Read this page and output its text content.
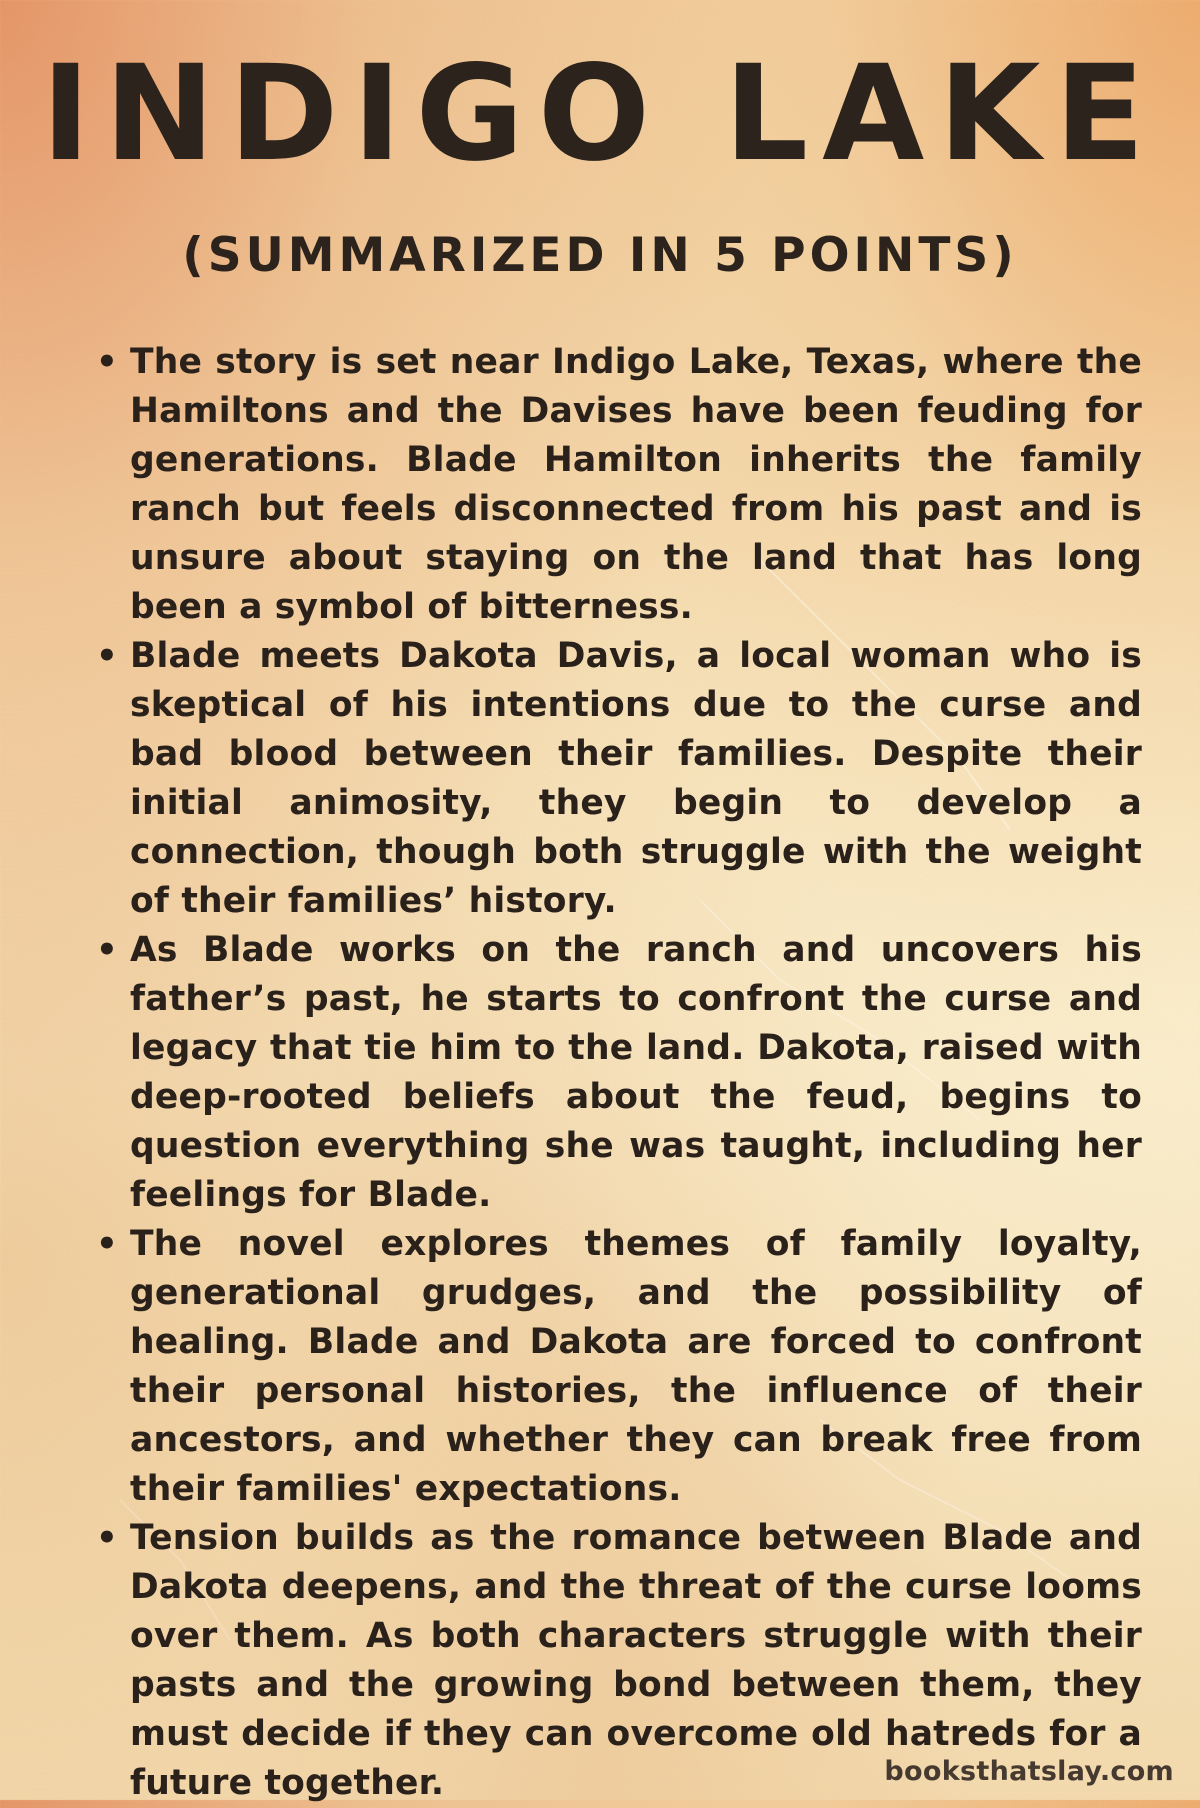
INDIGO LAKE
(SUMMARIZED IN 5 POINTS)
• The story is set near Indigo Lake, Texas, where the Hamiltons and the Davises have been feuding for generations. Blade Hamilton inherits the family ranch but feels disconnected from his past and is unsure about staying on the land that has long been a symbol of bitterness.
• Blade meets Dakota Davis, a local woman who is skeptical of his intentions due to the curse and bad blood between their families. Despite their initial animosity, they begin to develop a connection, though both struggle with the weight of their families’ history.
• As Blade works on the ranch and uncovers his father’s past, he starts to confront the curse and legacy that tie him to the land. Dakota, raised with deep-rooted beliefs about the feud, begins to question everything she was taught, including her feelings for Blade.
• The novel explores themes of family loyalty, generational grudges, and the possibility of healing. Blade and Dakota are forced to confront their personal histories, the influence of their ancestors, and whether they can break free from their families' expectations.
• Tension builds as the romance between Blade and Dakota deepens, and the threat of the curse looms over them. As both characters struggle with their pasts and the growing bond between them, they must decide if they can overcome old hatreds for a future together.	booksthatslay.com
